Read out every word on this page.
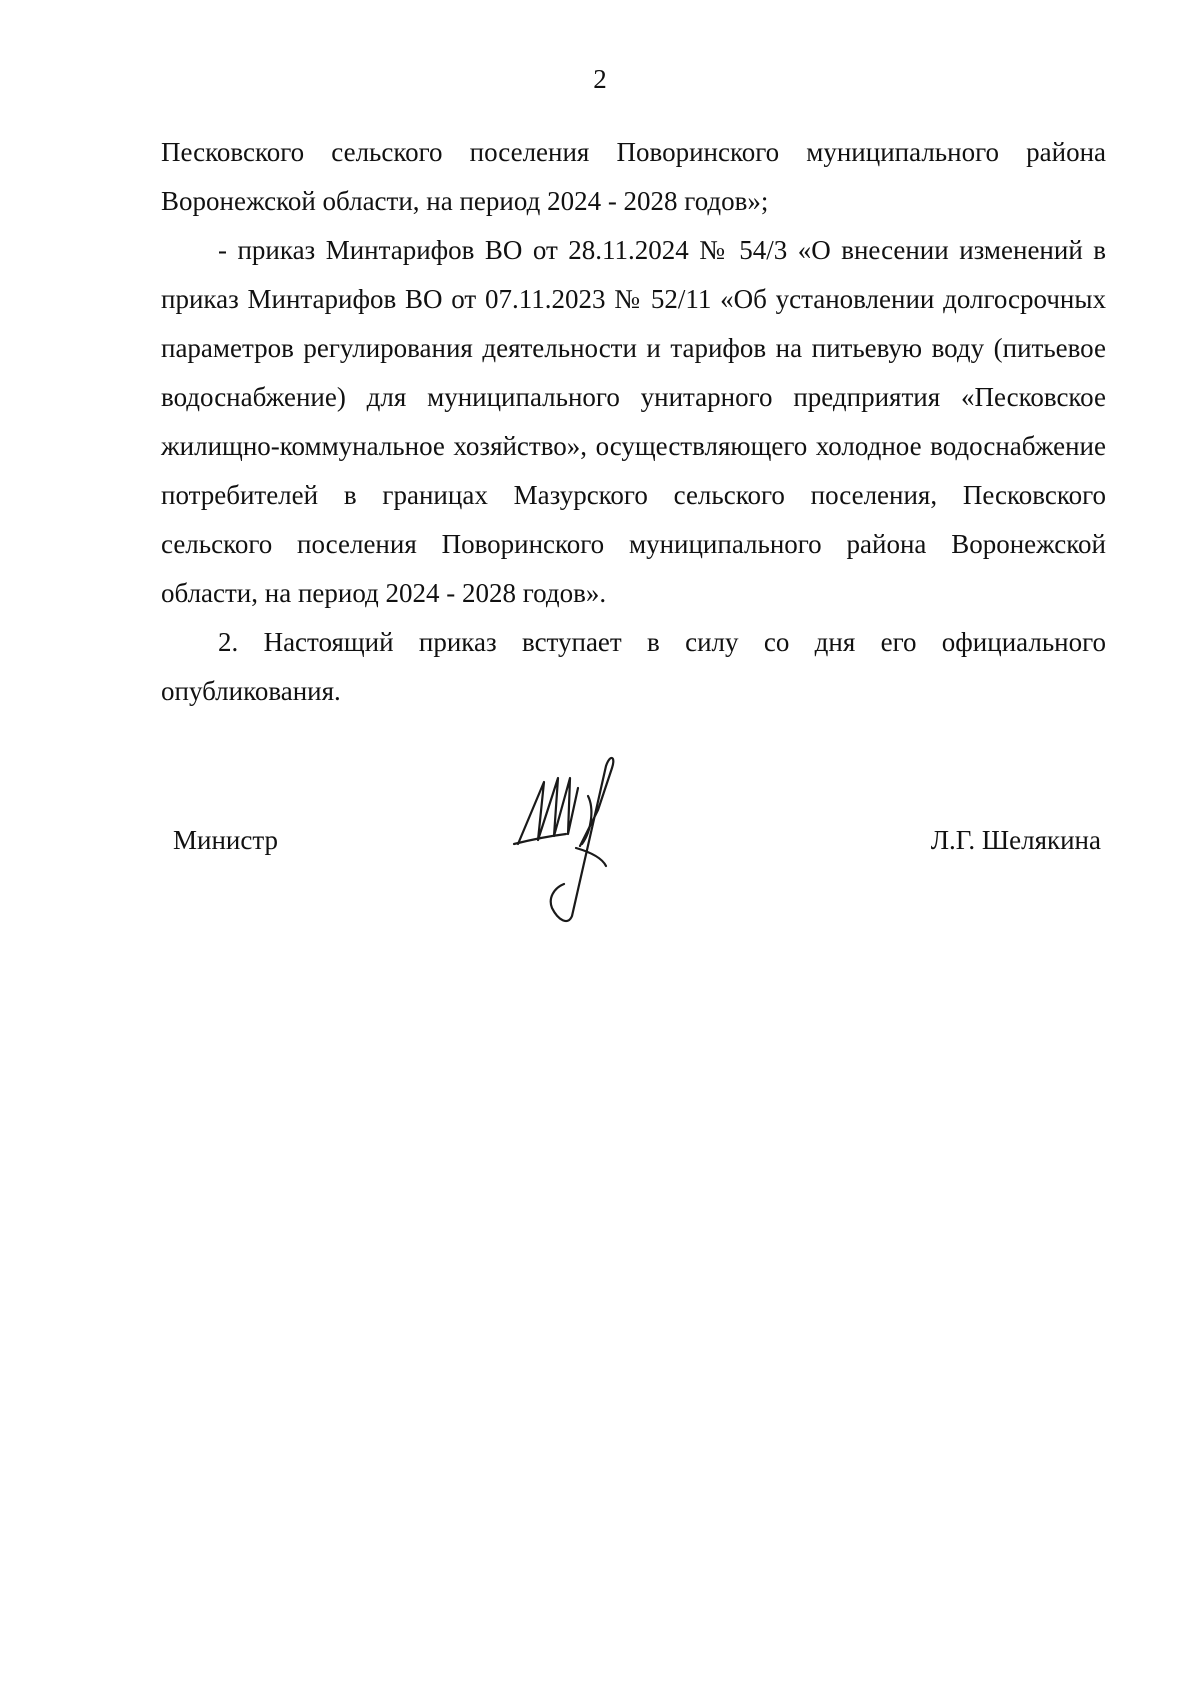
2

Песковского сельского поселения Поворинского муниципального района Воронежской области, на период 2024 - 2028 годов»;

- приказ Минтарифов ВО от 28.11.2024 № 54/3 «О внесении изменений в приказ Минтарифов ВО от 07.11.2023 № 52/11 «Об установлении долгосрочных параметров регулирования деятельности и тарифов на питьевую воду (питьевое водоснабжение) для муниципального унитарного предприятия «Песковское жилищно-коммунальное хозяйство», осуществляющего холодное водоснабжение потребителей в границах Мазурского сельского поселения, Песковского сельского поселения Поворинского муниципального района Воронежской области, на период 2024 - 2028 годов».

2. Настоящий приказ вступает в силу со дня его официального опубликования.

Министр	Л.Г. Шелякина
